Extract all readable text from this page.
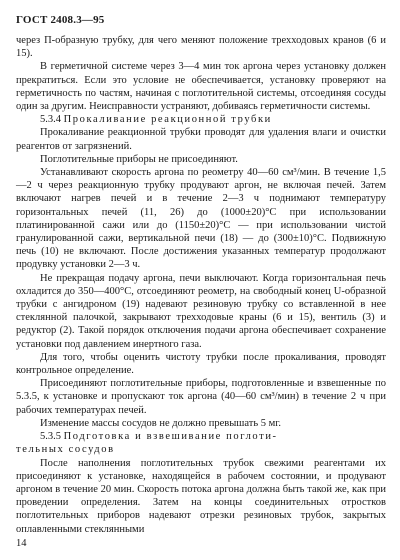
ГОСТ 2408.3—95

через П-образную трубку, для чего меняют положение трехходовых кранов (6 и 15).

В герметичной системе через 3—4 мин ток аргона через установку должен прекратиться. Если это условие не обеспечивается, установку проверяют на герметичность по частям, начиная с поглотительной системы, отсоединяя сосуды один за другим. Неисправности устраняют, добиваясь герметичности системы.

5.3.4 Прокаливание реакционной трубки

Прокаливание реакционной трубки проводят для удаления влаги и очистки реагентов от загрязнений.

Поглотительные приборы не присоединяют.

Устанавливают скорость аргона по реометру 40—60 см³/мин. В течение 1,5—2 ч через реакционную трубку продувают аргон, не включая печей. Затем включают нагрев печей и в течение 2—3 ч поднимают температуру горизонтальных печей (11, 26) до (1000±20)°С при использовании платинированной сажи или до (1150±20)°С — при использовании чистой гранулированной сажи, вертикальной печи (18) — до (300±10)°С. Подвижную печь (10) не включают. После достижения указанных температур продолжают продувку установки 2—3 ч.

Не прекращая подачу аргона, печи выключают. Когда горизонтальная печь охладится до 350—400°С, отсоединяют реометр, на свободный конец U-образной трубки с ангидроном (19) надевают резиновую трубку со вставленной в нее стеклянной палочкой, закрывают трехходовые краны (6 и 15), вентиль (3) и редуктор (2). Такой порядок отключения подачи аргона обеспечивает сохранение установки под давлением инертного газа.

Для того, чтобы оценить чистоту трубки после прокаливания, проводят контрольное определение.

Присоединяют поглотительные приборы, подготовленные и взвешенные по 5.3.5, к установке и пропускают ток аргона (40—60 см³/мин) в течение 2 ч при рабочих температурах печей.

Изменение массы сосудов не должно превышать 5 мг.

5.3.5 Подготовка и взвешивание поглоти-

тельных сосудов

После наполнения поглотительных трубок свежими реагентами их присоединяют к установке, находящейся в рабочем состоянии, и продувают аргоном в течение 20 мин. Скорость потока аргона должна быть такой же, как при проведении определения. Затем на концы соединительных отростков поглотительных приборов надевают отрезки резиновых трубок, закрытых оплавленными стеклянными

14
